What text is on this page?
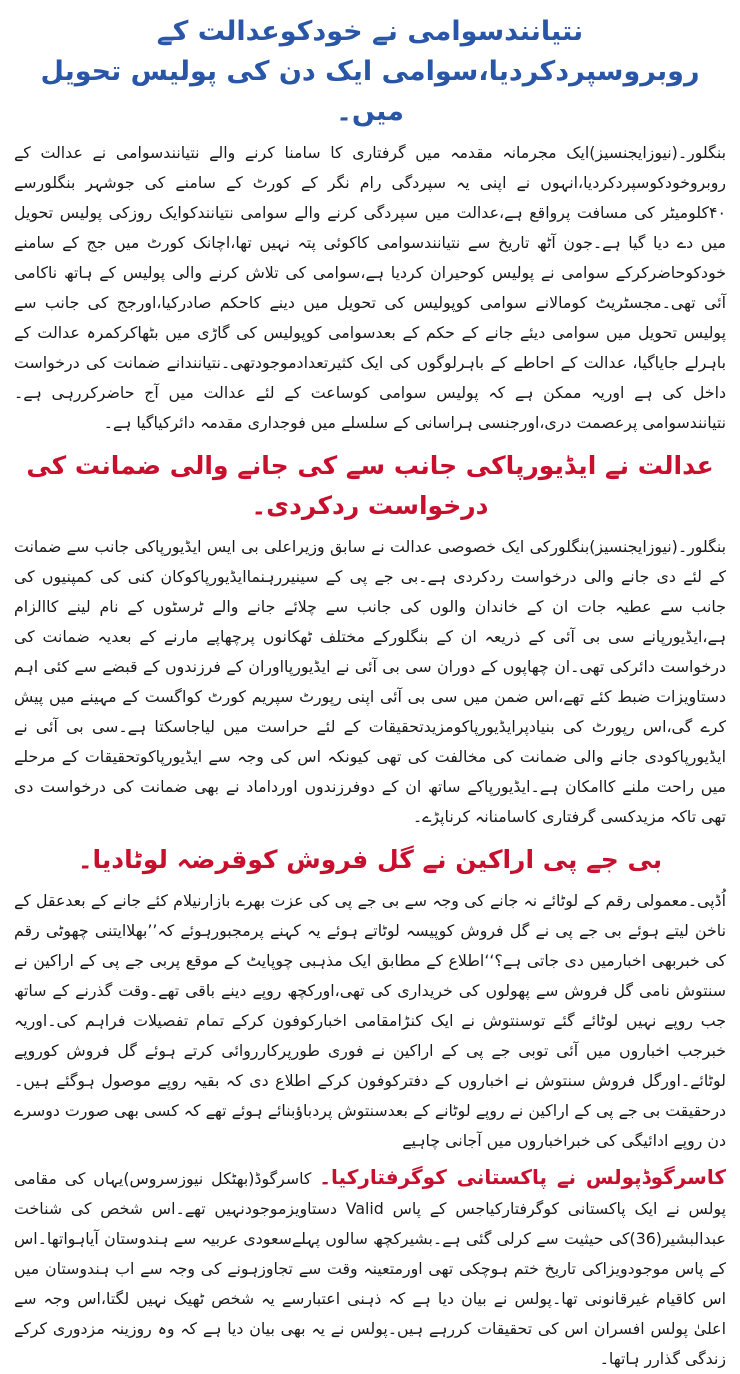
نتیانندسوامی نے خودکوعدالت کے روبروسپردکردیا،سوامی ایک دن کی پولیس تحویل میں۔

بنگلور۔(نیوزایجنسیز)ایک مجرمانہ مقدمہ میں گرفتاری کا سامنا کرنے والے نتیانندسوامی نے عدالت کے روبروخودکوسپردکردیا،انہوں نے اپنی یہ سپردگی رام نگر کے کورٹ کے سامنے کی جوشہر بنگلورسے ۴۰کلومیٹر کی مسافت پرواقع ہے،عدالت میں سپردگی کرنے والے سوامی نتیانندکوایک روزکی پولیس تحویل میں دے دیا گیا ہے۔جون آٹھ تاریخ سے نتیانندسوامی کاکوئی پتہ نہیں تھا،اچانک کورٹ میں جج کے سامنے خودکوحاضرکرکے سوامی نے پولیس کوحیران کردیا ہے،سوامی کی تلاش کرنے والی پولیس کے ہاتھ ناکامی آئی تھی۔مجسٹریٹ کومالانے سوامی کوپولیس کی تحویل میں دینے کاحکم صادرکیا،اورجج کی جانب سے پولیس تحویل میں سوامی دیئے جانے کے حکم کے بعدسوامی کوپولیس کی گاڑی میں بٹھاکرکمرہ عدالت کے باہرلے جایاگیا، عدالت کے احاطے کے باہرلوگوں کی ایک کثیرتعدادموجودتھی۔نتیانندانے ضمانت کی درخواست داخل کی ہے اوریہ ممکن ہے کہ پولیس سوامی کوساعت کے لئے عدالت میں آج حاضرکررہی ہے۔نتیانندسوامی پرعصمت دری،اورجنسی ہراسانی کے سلسلے میں فوجداری مقدمہ دائرکیاگیا ہے۔

عدالت نے ایڈیورپاکی جانب سے کی جانے والی ضمانت کی درخواست ردکردی۔

بنگلور۔(نیوزایجنسیز)بنگلورکی ایک خصوصی عدالت نے سابق وزیراعلی بی ایس ایڈیورپاکی جانب سے ضمانت کے لئے دی جانے والی درخواست ردکردی ہے۔بی جے پی کے سینیررہنماایڈیورپاکوکان کنی کی کمپنیوں کی جانب سے عطیہ جات ان کے خاندان والوں کی جانب سے چلائے جانے والے ٹرسٹوں کے نام لینے کاالزام ہے،ایڈیورپانے سی بی آئی کے ذریعہ ان کے بنگلورکے مختلف ٹھکانوں پرچھاپے مارنے کے بعدیہ ضمانت کی درخواست دائرکی تھی۔ان چھاپوں کے دوران سی بی آئی نے ایڈیورپااوران کے فرزندوں کے قبضے سے کئی اہم دستاویزات ضبط کئے تھے،اس ضمن میں سی بی آئی اپنی رپورٹ سپریم کورٹ کواگست کے مہینے میں پیش کرے گی،اس رپورٹ کی بنیادپرایڈیورپاکومزیدتحقیقات کے لئے حراست میں لیاجاسکتا ہے۔سی بی آئی نے ایڈیورپاکودی جانے والی ضمانت کی مخالفت کی تھی کیونکہ اس کی وجہ سے ایڈیورپاکوتحقیقات کے مرحلے میں راحت ملنے کاامکان ہے۔ایڈیورپاکے ساتھ ان کے دوفرزندوں اورداماد نے بھی ضمانت کی درخواست دی تھی تاکہ مزیدکسی گرفتاری کاسامنانہ کرناپڑے۔

بی جے پی اراکین نے گل فروش کوقرضہ لوٹادیا۔

اُڈپی۔معمولی رقم کے لوٹائے نہ جانے کی وجہ سے بی جے پی کی عزت بھرے بازارنیلام کئے جانے کے بعدعقل کے ناخن لیتے ہوئے بی جے پی نے گل فروش کوپیسہ لوٹاتے ہوئے یہ کہنے پرمجبورہوئے کہ’’بھلاایتنی چھوٹی رقم کی خبربھی اخبارمیں دی جاتی ہے؟‘‘اطلاع کے مطابق ایک مذہبی چوپایٹ کے موقع پربی جے پی کے اراکین نے سنتوش نامی گل فروش سے پھولوں کی خریداری کی تھی،اورکچھ روپے دینے باقی تھے۔وقت گذرنے کے ساتھ جب روپے نہیں لوٹائے گئے توسنتوش نے ایک کنڑامقامی اخبارکوفون کرکے تمام تفصیلات فراہم کی۔اوریہ خبرجب اخباروں میں آئی توبی جے پی کے اراکین نے فوری طورپرکارروائی کرتے ہوئے گل فروش کوروپے لوٹائے۔اورگل فروش سنتوش نے اخباروں کے دفترکوفون کرکے اطلاع دی کہ بقیہ روپے موصول ہوگئے ہیں۔درحقیقت بی جے پی کے اراکین نے روپے لوٹانے کے بعدسنتوش پردباؤبنائے ہوئے تھے کہ کسی بھی صورت دوسرے دن روپے ادائیگی کی خبراخباروں میں آجانی چاہیے

کاسرگوڈپولس نے پاکستانی کوگرفتارکیا۔ کاسرگوڈ(بھٹکل نیوزسروس)یہاں کی مقامی پولس نے ایک پاکستانی کوگرفتارکیاجس کے پاس Valid دستاویزموجودنہیں تھے۔اس شخص کی شناخت عبدالبشیر(36)کی حیثیت سے کرلی گئی ہے۔بشیرکچھ سالوں پہلےسعودی عربیہ سے ہندوستان آیاہواتھا۔اس کے پاس موجودویزاکی تاریخ ختم ہوچکی تھی اورمتعینہ وقت سے تجاوزہونے کی وجہ سے اب ہندوستان میں اس کاقیام غیرقانونی تھا۔پولس نے بیان دیا ہے کہ ذہنی اعتبارسے یہ شخص ٹھیک نہیں لگتا،اس وجہ سے اعلیٰ پولس افسران اس کی تحقیقات کررہے ہیں۔پولس نے یہ بھی بیان دیا ہے کہ وہ روزینہ مزدوری کرکے زندگی گذارر ہاتھا۔
